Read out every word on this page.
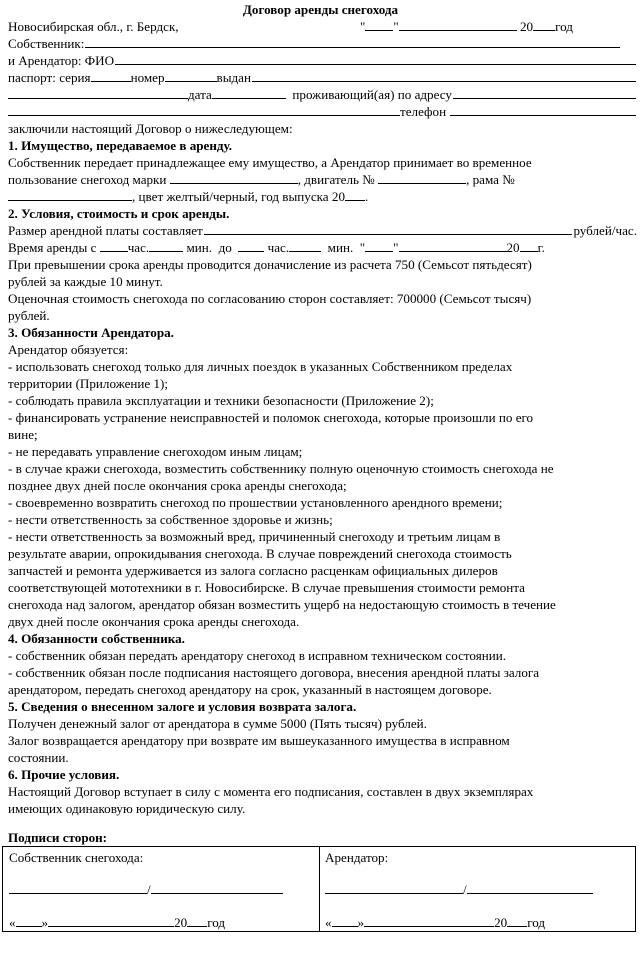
Договор аренды снегохода
Новосибирская обл., г. Бердск,	" "	20 год
Собственник:
и Арендатор: ФИО
паспорт: серия	номер	выдан
дата
	проживающий(ая) по адресу
телефон

заключили настоящий Договор о нижеследующем:
1. Имущество, передаваемое в аренду.
Собственник передает принадлежащее ему имущество, а Арендатор принимает во временное
пользование снегоход марки
	, двигатель №
	, рама №
, цвет желтый/черный, год выпуска 20 .
2. Условия, стоимость и срок аренды.
Размер арендной платы составляет	рублей/час.
Время аренды с
час.
	мин.
до

	час.
	мин. " "	20 г.
При превышении срока аренды проводится доначисление из расчета 750 (Семьсот пятьдесят)
рублей за каждые 10 минут.
Оценочная стоимость снегохода по согласованию сторон составляет: 700000 (Семьсот тысяч)
рублей.
3. Обязанности Арендатора.
Арендатор обязуется:
- использовать снегоход только для личных поездок в указанных Собственником пределах
территории (Приложение 1);
- соблюдать правила эксплуатации и техники безопасности (Приложение 2);
- финансировать устранение неисправностей и поломок снегохода, которые произошли по его
вине;
- не передавать управление снегоходом иным лицам;
- в случае кражи снегохода, возместить собственнику полную оценочную стоимость снегохода не
позднее двух дней после окончания срока аренды снегохода;
- своевременно возвратить снегоход по прошествии установленного арендного времени;
- нести ответственность за собственное здоровье и жизнь;
- нести ответственность за возможный вред, причиненный снегоходу и третьим лицам в
результате аварии, опрокидывания снегохода. В случае повреждений снегохода стоимость
запчастей и ремонта удерживается из залога согласно расценкам официальных дилеров
соответствующей мототехники в г. Новосибирске. В случае превышения стоимости ремонта
снегохода над залогом, арендатор обязан возместить ущерб на недостающую стоимость в течение
двух дней после окончания срока аренды снегохода.
4. Обязанности собственника.
- собственник обязан передать арендатору снегоход в исправном техническом состоянии.
- собственник обязан после подписания настоящего договора, внесения арендной платы залога
арендатором, передать снегоход арендатору на срок, указанный в настоящем договоре.
5. Сведения о внесенном залоге и условия возврата залога.
Получен денежный залог от арендатора в сумме 5000 (Пять тысяч) рублей.
Залог возвращается арендатору при возврате им вышеуказанного имущества в исправном
состоянии.
6. Прочие условия.
Настоящий Договор вступает в силу с момента его подписания, составлен в двух экземплярах
имеющих одинаковую юридическую силу.
Подписи сторон:
Собственник снегохода:
/
« »	20 год
Арендатор:
/
« »	20 год
